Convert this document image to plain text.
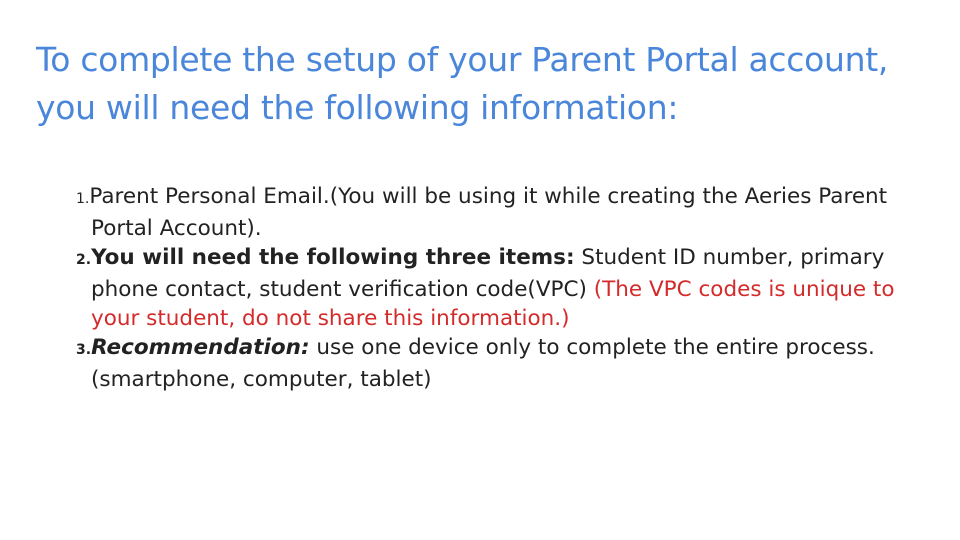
To complete the setup of your Parent Portal account, you will need the following information:
1.Parent Personal Email.(You will be using it while creating the Aeries Parent Portal Account).
2.You will need the following three items: Student ID number, primary phone contact, student verification code(VPC) (The VPC codes is unique to your student, do not share this information.)
3.Recommendation: use one device only to complete the entire process. (smartphone, computer, tablet)
